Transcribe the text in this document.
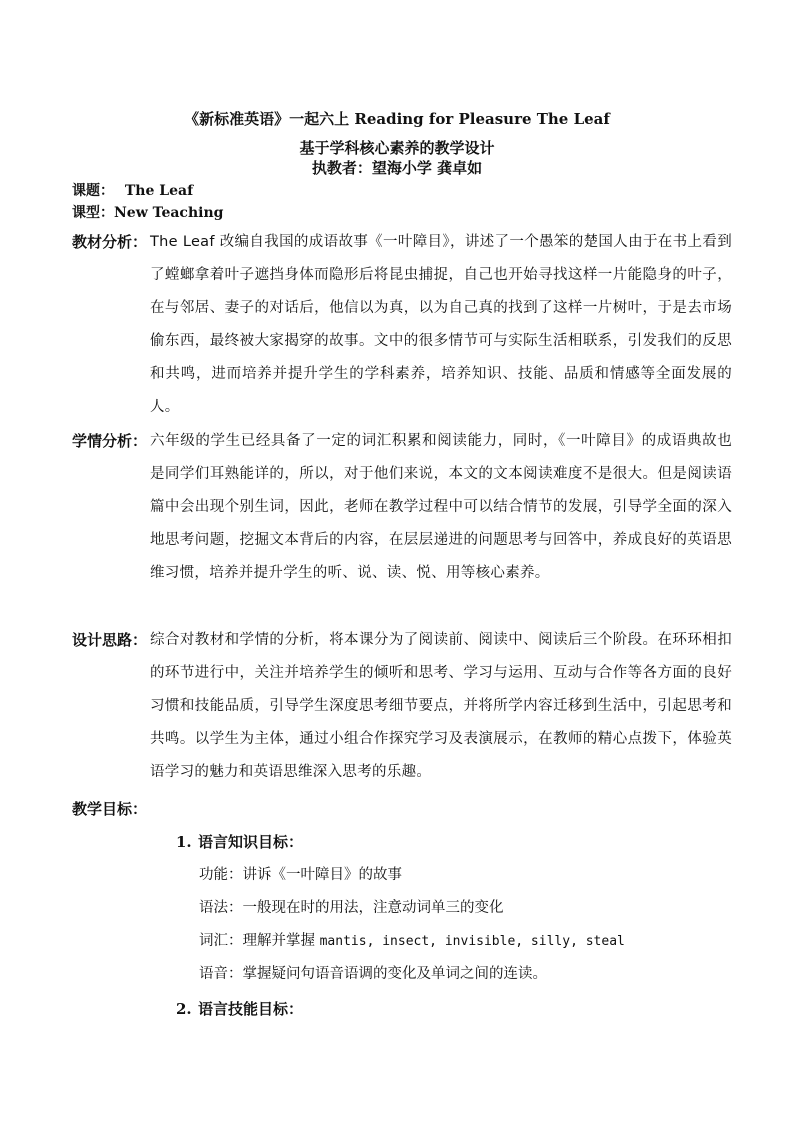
《新标准英语》一起六上 Reading for Pleasure The Leaf
基于学科核心素养的教学设计
执教者：望海小学 龚卓如
课题： The Leaf
课型：New Teaching
教材分析： The Leaf 改编自我国的成语故事《一叶障目》，讲述了一个愚笨的楚国人由于在书上看到了螳螂拿着叶子遮挡身体而隐形后将昆虫捕捉，自己也开始寻找这样一片能隐身的叶子，在与邻居、妻子的对话后，他信以为真，以为自己真的找到了这样一片树叶，于是去市场偷东西，最终被大家揭穿的故事。文中的很多情节可与实际生活相联系，引发我们的反思和共鸣，进而培养并提升学生的学科素养，培养知识、技能、品质和情感等全面发展的人。
学情分析： 六年级的学生已经具备了一定的词汇积累和阅读能力，同时，《一叶障目》的成语典故也是同学们耳熟能详的，所以，对于他们来说，本文的文本阅读难度不是很大。但是阅读语篇中会出现个别生词，因此，老师在教学过程中可以结合情节的发展，引导学全面的深入地思考问题，挖掘文本背后的内容，在层层递进的问题思考与回答中，养成良好的英语思维习惯，培养并提升学生的听、说、读、悦、用等核心素养。
设计思路： 综合对教材和学情的分析，将本课分为了阅读前、阅读中、阅读后三个阶段。在环环相扣的环节进行中，关注并培养学生的倾听和思考、学习与运用、互动与合作等各方面的良好习惯和技能品质，引导学生深度思考细节要点，并将所学内容迁移到生活中，引起思考和共鸣。以学生为主体，通过小组合作探究学习及表演展示，在教师的精心点拨下，体验英语学习的魅力和英语思维深入思考的乐趣。
教学目标：
1. 语言知识目标：
功能：讲诉《一叶障目》的故事
语法：一般现在时的用法，注意动词单三的变化
词汇：理解并掌握 mantis, insect, invisible, silly, steal
语音：掌握疑问句语音语调的变化及单词之间的连读。
2. 语言技能目标：
